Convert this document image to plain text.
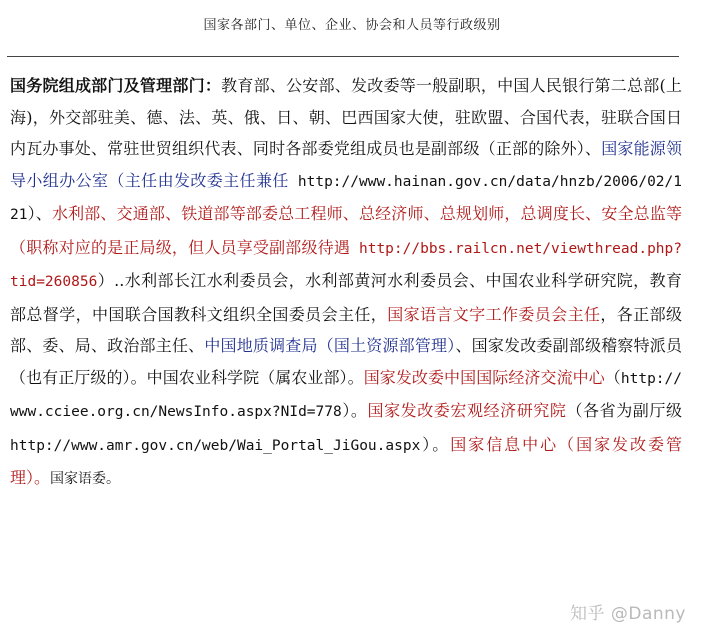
国家各部门、单位、企业、协会和人员等行政级别
国务院组成部门及管理部门：教育部、公安部、发改委等一般副职，中国人民银行第二总部(上海)，外交部驻美、德、法、英、俄、日、朝、巴西国家大使，驻欧盟、合国代表，驻联合国日内瓦办事处、常驻世贸组织代表、同时各部委党组成员也是副部级（正部的除外）、国家能源领导小组办公室（主任由发改委主任兼任 http://www.hainan.gov.cn/data/hnzb/2006/02/121）、水利部、交通部、铁道部等部委总工程师、总经济师、总规划师，总调度长、安全总监等（职称对应的是正局级，但人员享受副部级待遇 http://bbs.railcn.net/viewthread.php?tid=260856）..水利部长江水利委员会，水利部黄河水利委员会、中国农业科学研究院，教育部总督学，中国联合国教科文组织全国委员会主任，国家语言文字工作委员会主任，各正部级部、委、局、政治部主任、中国地质调查局（国土资源部管理）、国家发改委副部级稽察特派员（也有正厅级的）。中国农业科学院（属农业部）。国家发改委中国国际经济交流中心（http://www.cciee.org.cn/NewsInfo.aspx?NId=778）。国家发改委宏观经济研究院（各省为副厅级 http://www.amr.gov.cn/web/Wai_Portal_JiGou.aspx）。国家信息中心（国家发改委管理）。国家语委。
知乎 @Danny
